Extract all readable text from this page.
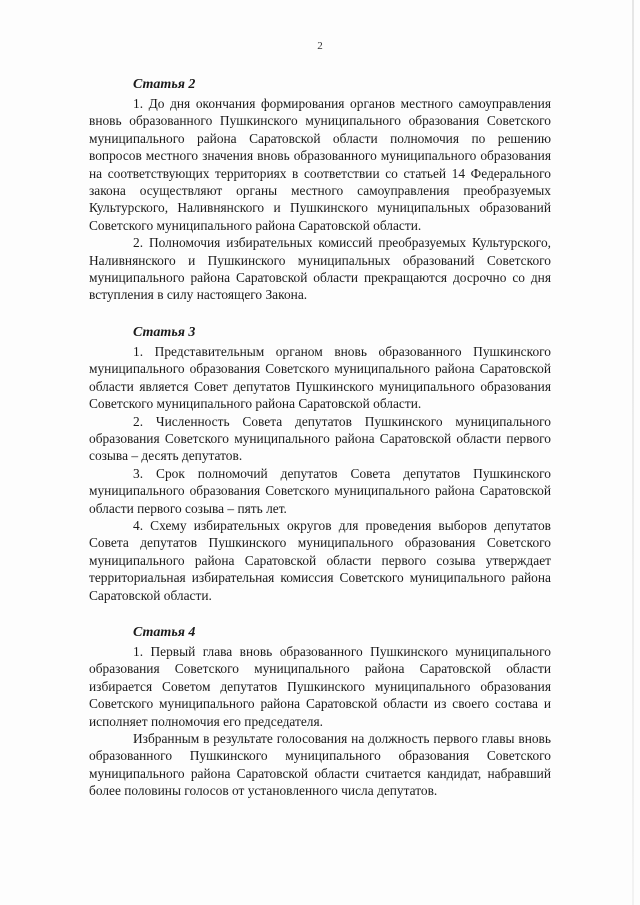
2
Статья 2

1. До дня окончания формирования органов местного самоуправления вновь образованного Пушкинского муниципального образования Советского муниципального района Саратовской области полномочия по решению вопросов местного значения вновь образованного муниципального образования на соответствующих территориях в соответствии со статьей 14 Федерального закона осуществляют органы местного самоуправления преобразуемых Культурского, Наливнянского и Пушкинского муниципальных образований Советского муниципального района Саратовской области.

2. Полномочия избирательных комиссий преобразуемых Культурского, Наливнянского и Пушкинского муниципальных образований Советского муниципального района Саратовской области прекращаются досрочно со дня вступления в силу настоящего Закона.

Статья 3

1. Представительным органом вновь образованного Пушкинского муниципального образования Советского муниципального района Саратовской области является Совет депутатов Пушкинского муниципального образования Советского муниципального района Саратовской области.

2. Численность Совета депутатов Пушкинского муниципального образования Советского муниципального района Саратовской области первого созыва – десять депутатов.

3. Срок полномочий депутатов Совета депутатов Пушкинского муниципального образования Советского муниципального района Саратовской области первого созыва – пять лет.

4. Схему избирательных округов для проведения выборов депутатов Совета депутатов Пушкинского муниципального образования Советского муниципального района Саратовской области первого созыва утверждает территориальная избирательная комиссия Советского муниципального района Саратовской области.

Статья 4

1. Первый глава вновь образованного Пушкинского муниципального образования Советского муниципального района Саратовской области избирается Советом депутатов Пушкинского муниципального образования Советского муниципального района Саратовской области из своего состава и исполняет полномочия его председателя.

Избранным в результате голосования на должность первого главы вновь образованного Пушкинского муниципального образования Советского муниципального района Саратовской области считается кандидат, набравший более половины голосов от установленного числа депутатов.
